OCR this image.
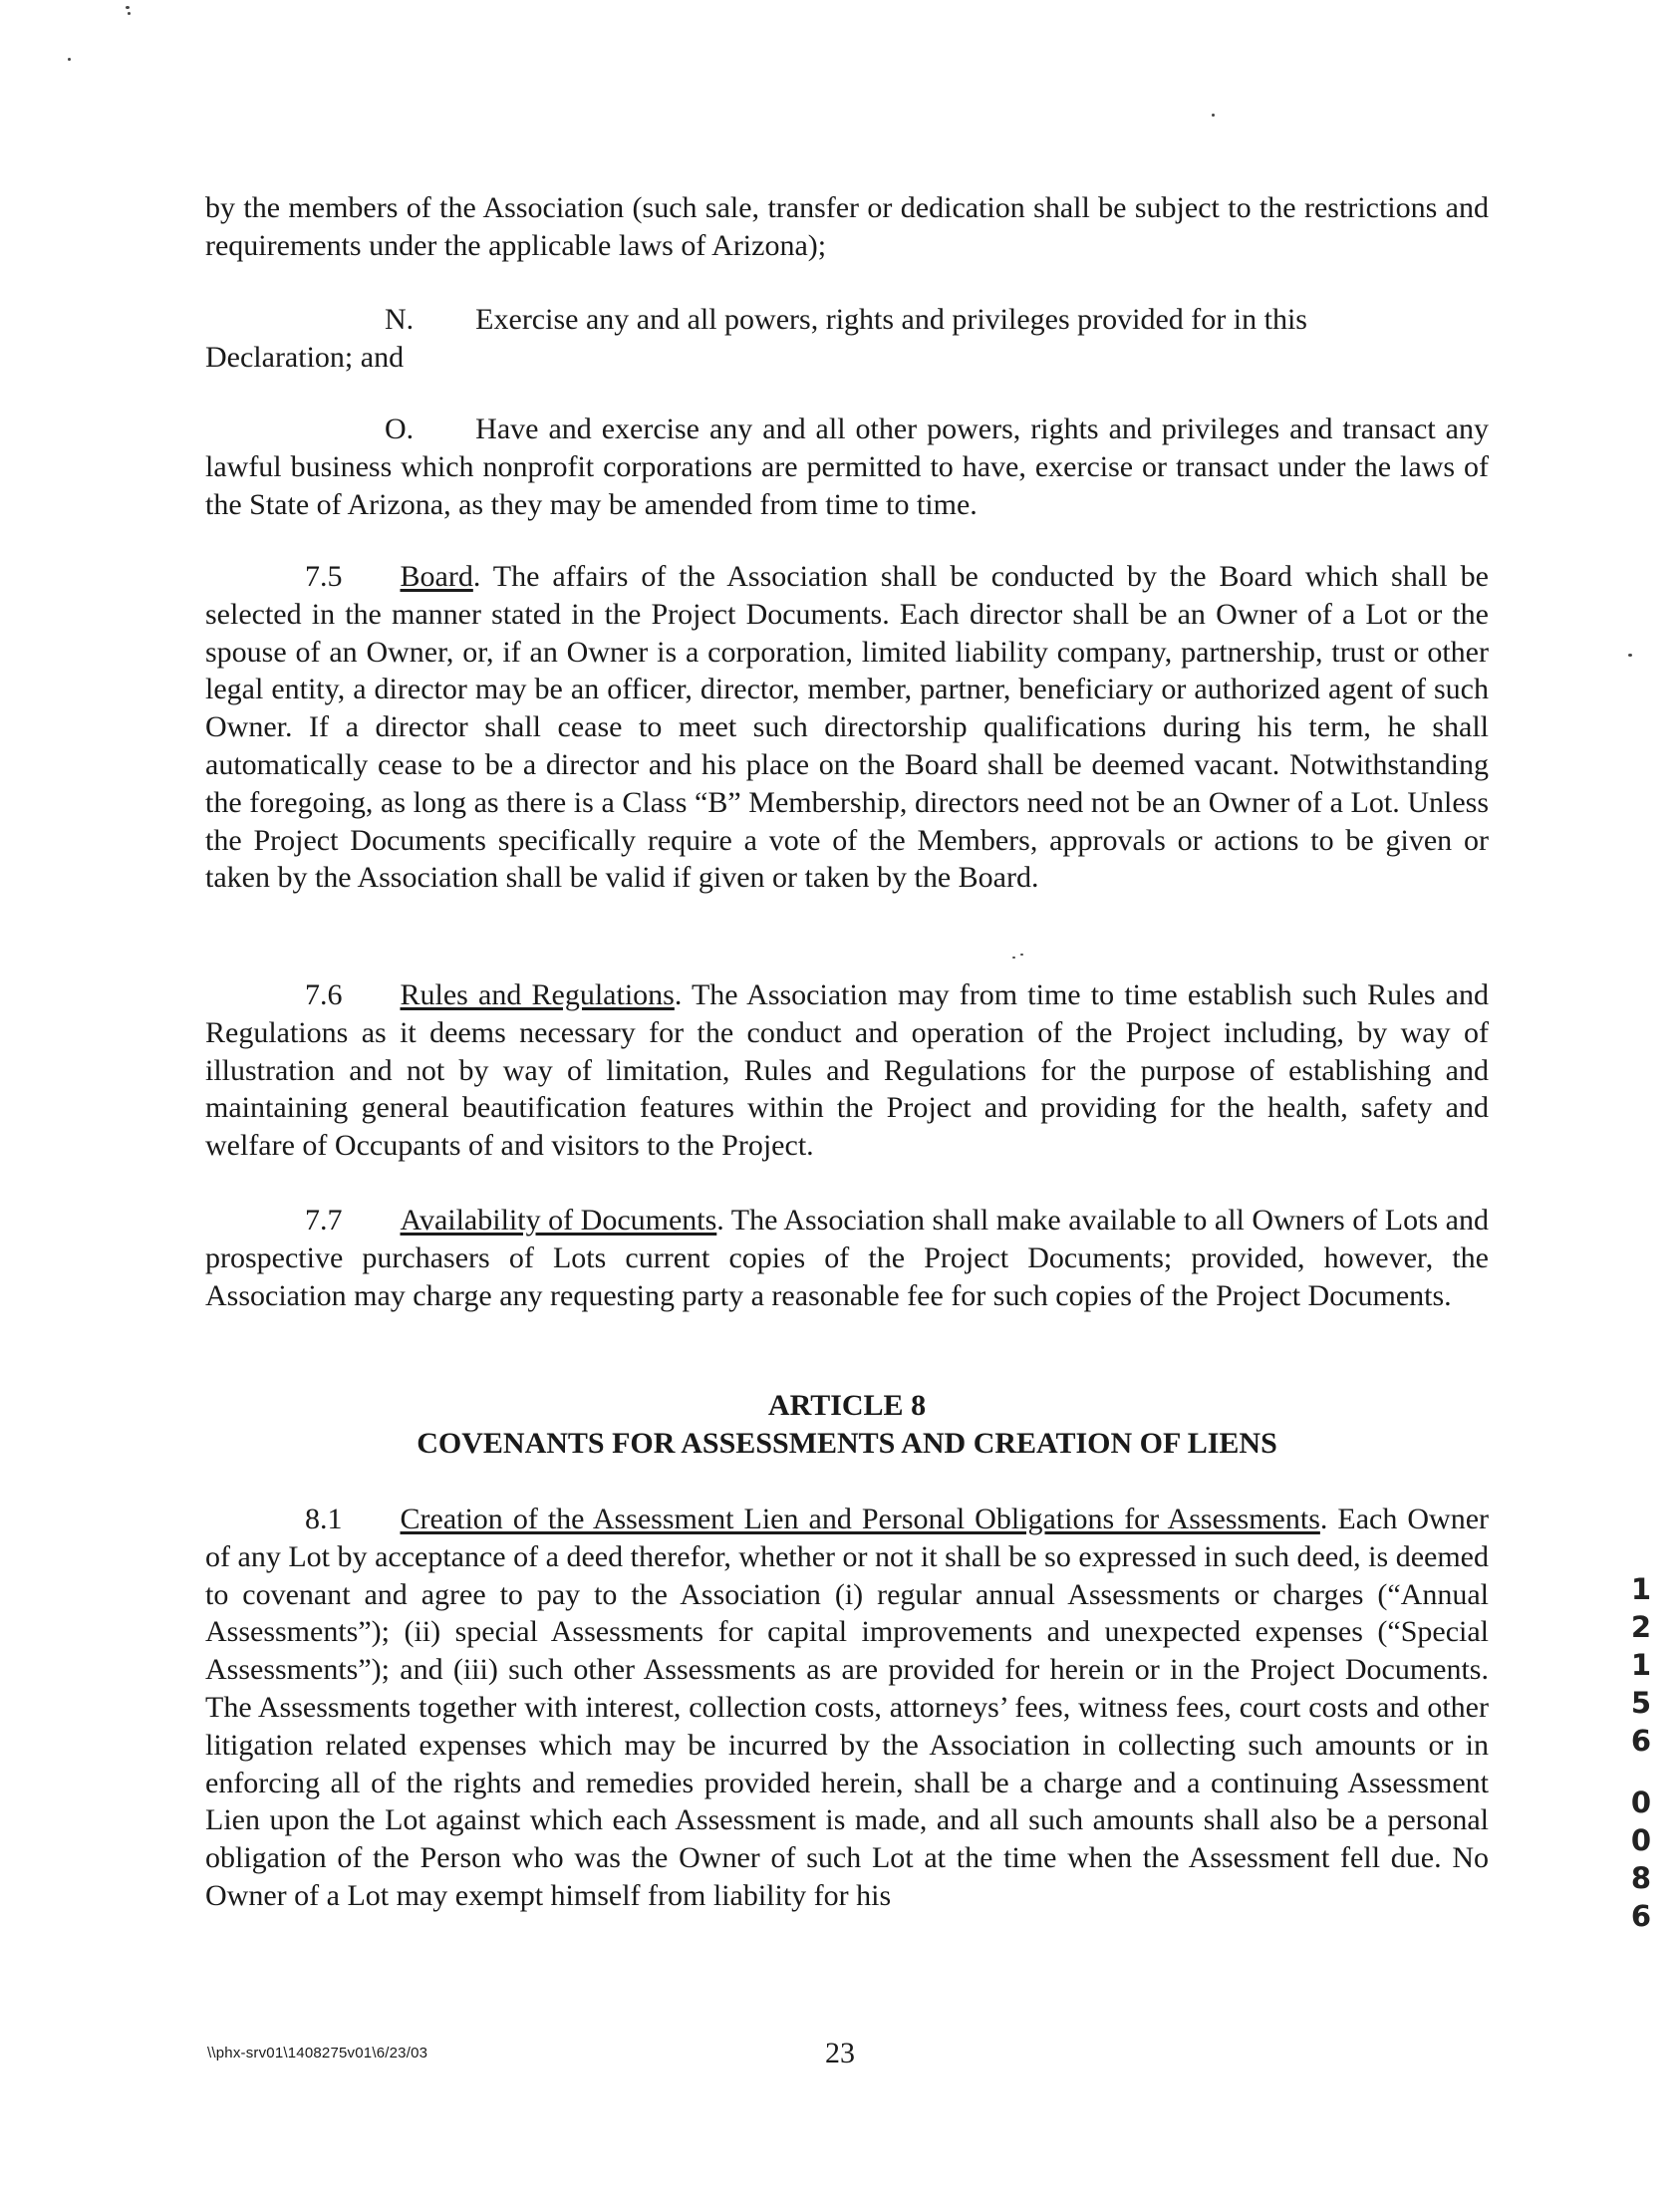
by the members of the Association (such sale, transfer or dedication shall be subject to the restrictions and requirements under the applicable laws of Arizona);

N. Exercise any and all powers, rights and privileges provided for in this
Declaration; and

O. Have and exercise any and all other powers, rights and privileges and transact any lawful business which nonprofit corporations are permitted to have, exercise or transact under the laws of the State of Arizona, as they may be amended from time to time.

7.5 Board. The affairs of the Association shall be conducted by the Board which shall be selected in the manner stated in the Project Documents. Each director shall be an Owner of a Lot or the spouse of an Owner, or, if an Owner is a corporation, limited liability company, partnership, trust or other legal entity, a director may be an officer, director, member, partner, beneficiary or authorized agent of such Owner. If a director shall cease to meet such directorship qualifications during his term, he shall automatically cease to be a director and his place on the Board shall be deemed vacant. Notwithstanding the foregoing, as long as there is a Class “B” Membership, directors need not be an Owner of a Lot. Unless the Project Documents specifically require a vote of the Members, approvals or actions to be given or taken by the Association shall be valid if given or taken by the Board.

7.6 Rules and Regulations. The Association may from time to time establish such Rules and Regulations as it deems necessary for the conduct and operation of the Project including, by way of illustration and not by way of limitation, Rules and Regulations for the purpose of establishing and maintaining general beautification features within the Project and providing for the health, safety and welfare of Occupants of and visitors to the Project.

7.7 Availability of Documents. The Association shall make available to all Owners of Lots and prospective purchasers of Lots current copies of the Project Documents; provided, however, the Association may charge any requesting party a reasonable fee for such copies of the Project Documents.

ARTICLE 8

COVENANTS FOR ASSESSMENTS AND CREATION OF LIENS

8.1 Creation of the Assessment Lien and Personal Obligations for Assessments. Each Owner of any Lot by acceptance of a deed therefor, whether or not it shall be so expressed in such deed, is deemed to covenant and agree to pay to the Association (i) regular annual Assessments or charges (“Annual Assessments”); (ii) special Assessments for capital improvements and unexpected expenses (“Special Assessments”); and (iii) such other Assessments as are provided for herein or in the Project Documents. The Assessments together with interest, collection costs, attorneys’ fees, witness fees, court costs and other litigation related expenses which may be incurred by the Association in collecting such amounts or in enforcing all of the rights and remedies provided herein, shall be a charge and a continuing Assessment Lien upon the Lot against which each Assessment is made, and all such amounts shall also be a personal obligation of the Person who was the Owner of such Lot at the time when the Assessment fell due. No Owner of a Lot may exempt himself from liability for his

\\phx-srv01\1408275v01\6/23/03	23
1
2
1
5
6
0
0
8
6
